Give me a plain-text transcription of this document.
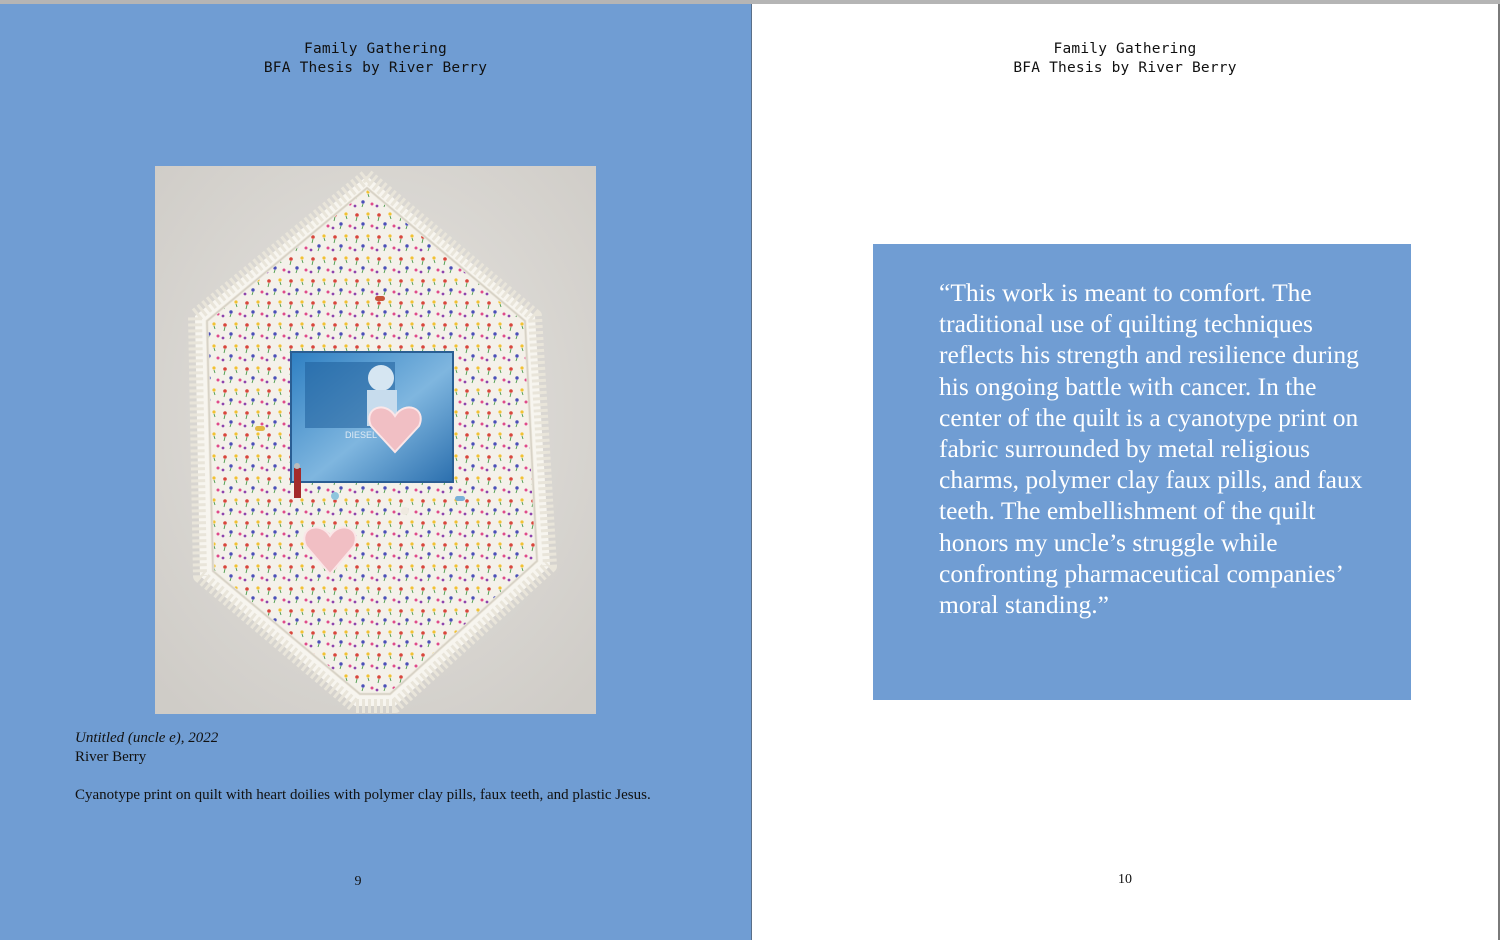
Family Gathering
BFA Thesis by River Berry
DIESEL
Untitled (uncle e), 2022
River Berry
Cyanotype print on quilt with heart doilies with polymer clay pills, faux teeth, and plastic Jesus.
9
Family Gathering
BFA Thesis by River Berry

“This work is meant to comfort. The traditional use of quilting techniques reflects his strength and resilience during his ongoing battle with cancer. In the center of the quilt is a cyanotype print on fabric surrounded by metal religious charms, polymer clay faux pills, and faux teeth. The embellishment of the quilt honors my uncle’s struggle while confronting pharmaceutical companies’ moral standing.”

10
